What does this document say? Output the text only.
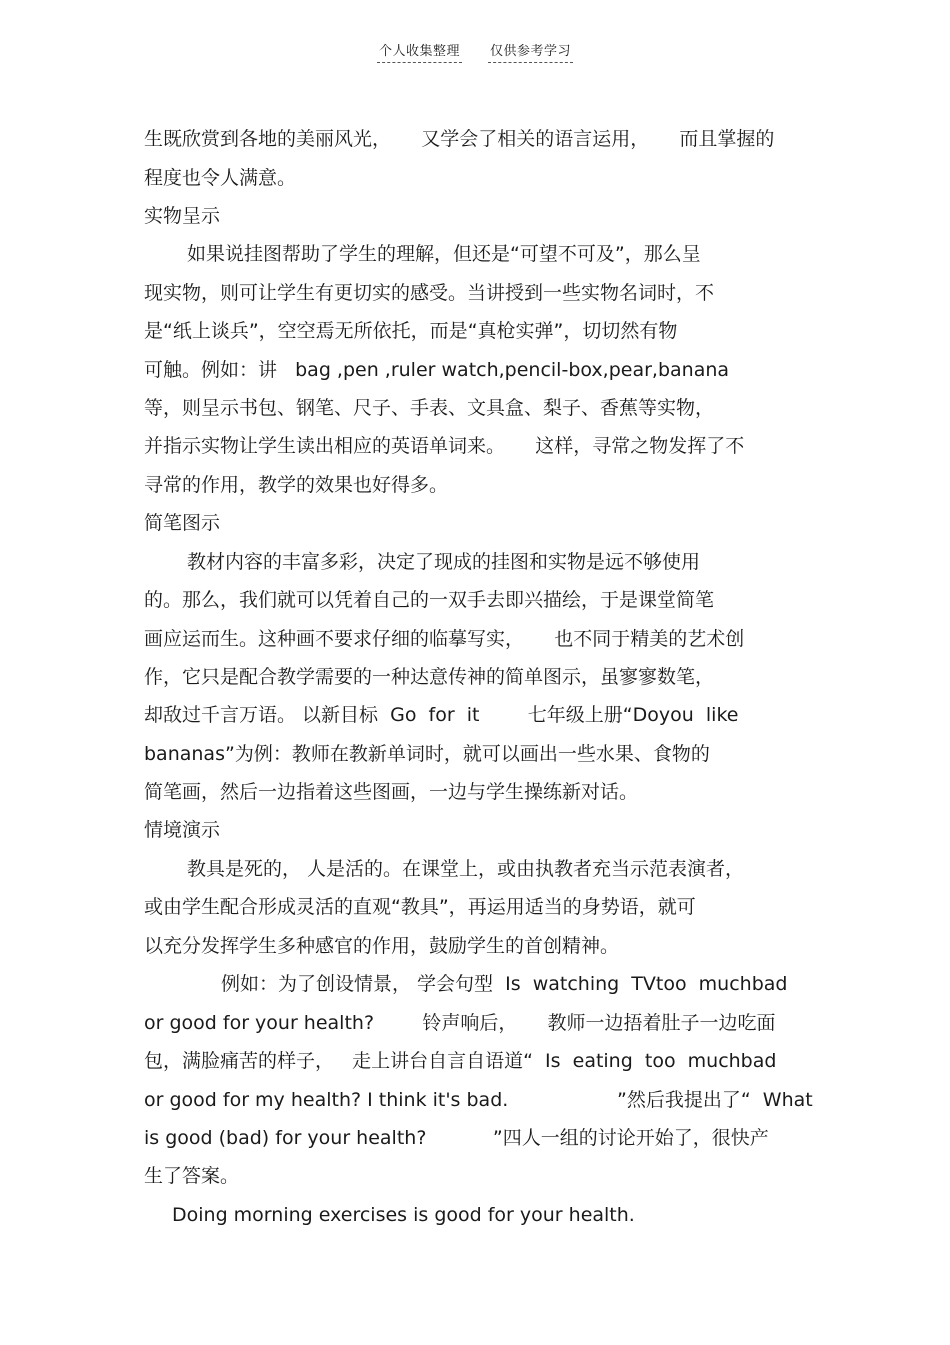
个人收集整理 仅供参考学习
生既欣赏到各地的美丽风光，     又学会了相关的语言运用，     而且掌握的
程度也令人满意。
实物呈示
如果说挂图帮助了学生的理解，但还是“可望不可及”，那么呈
现实物，则可让学生有更切实的感受。当讲授到一些实物名词时，不
是“纸上谈兵”，空空焉无所依托，而是“真枪实弹”，切切然有物
可触。例如：讲   bag ,pen ,ruler watch,pencil-box,pear,banana
等，则呈示书包、钢笔、尺子、手表、文具盒、梨子、香蕉等实物，
并指示实物让学生读出相应的英语单词来。     这样，寻常之物发挥了不
寻常的作用，教学的效果也好得多。
简笔图示
教材内容的丰富多彩，决定了现成的挂图和实物是远不够使用
的。那么，我们就可以凭着自己的一双手去即兴描绘，于是课堂简笔
画应运而生。这种画不要求仔细的临摹写实，     也不同于精美的艺术创
作，它只是配合教学需要的一种达意传神的简单图示，虽寥寥数笔，
却敌过千言万语。 以新目标  Go  for  it        七年级上册“Doyou  like
bananas”为例：教师在教新单词时，就可以画出一些水果、食物的
简笔画，然后一边指着这些图画，一边与学生操练新对话。
情境演示
教具是死的， 人是活的。在课堂上，或由执教者充当示范表演者，
或由学生配合形成灵活的直观“教具”，再运用适当的身势语，就可
以充分发挥学生多种感官的作用，鼓励学生的首创精神。
例如：为了创设情景， 学会句型  Is  watching  TVtoo  muchbad
or good for your health?        铃声响后，     教师一边捂着肚子一边吃面
包，满脸痛苦的样子，   走上讲台自言自语道“  Is  eating  too  muchbad
or good for my health? I think it's bad.                  ”然后我提出了“  What
is good (bad) for your health?           ”四人一组的讨论开始了，很快产
生了答案。
Doing morning exercises is good for your health.
